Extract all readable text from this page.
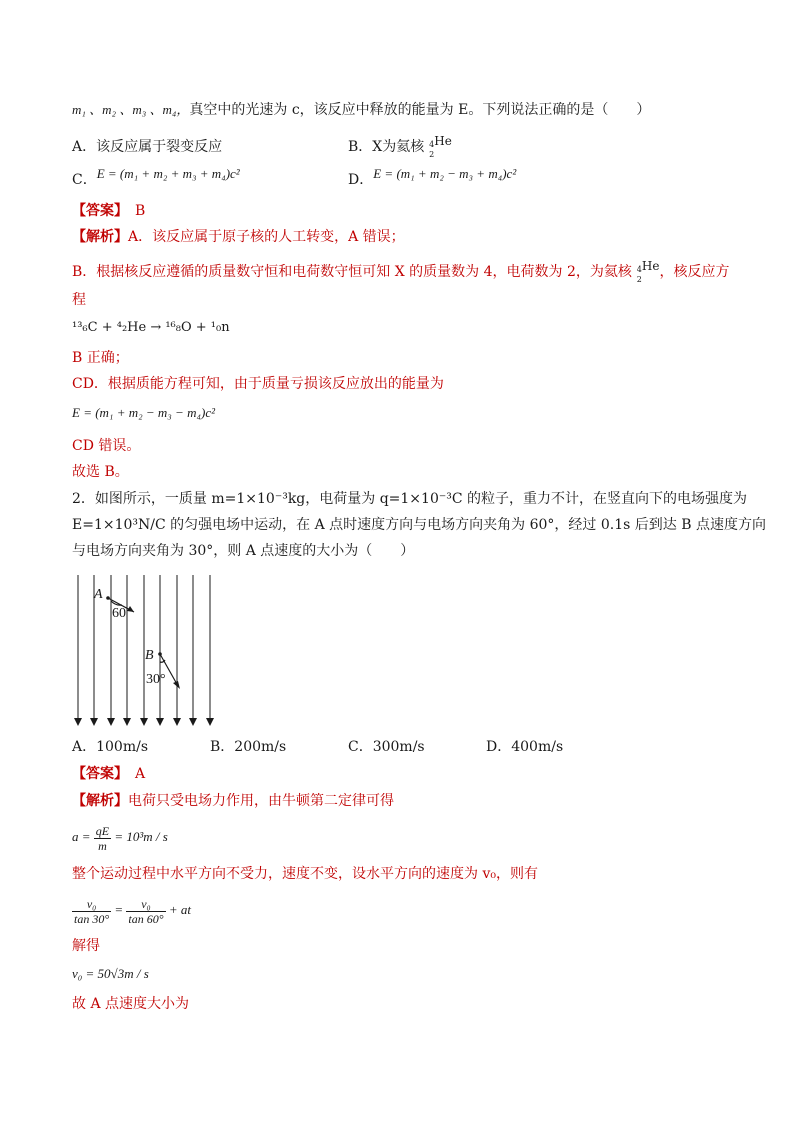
m₁ 、m₂ 、m₃ 、m₄，真空中的光速为 c，该反应中释放的能量为 E。下列说法正确的是（　　）
A．该反应属于裂变反应	B．X为氦核 4
2
He
C．E = (m₁ + m₂ + m₃ + m₄)c²	D．E = (m₁ + m₂ − m₃ + m₄)c²
【答案】　 B
【解析】A．该反应属于原子核的人工转变，A 错误；
B．根据核反应遵循的质量数守恒和电荷数守恒可知 X 的质量数为 4，电荷数为 2，为氦核 4
2
He，核反应方
程
¹³₆C + ⁴₂He → ¹⁶₈O + ¹₀n
B 正确；
CD．根据质能方程可知，由于质量亏损该反应放出的能量为
E = (m₁ + m₂ − m₃ − m₄)c²
CD 错误。
故选 B。
2．如图所示，一质量 m=1×10⁻³kg，电荷量为 q=1×10⁻³C 的粒子，重力不计，在竖直向下的电场强度为
E=1×10³N/C 的匀强电场中运动，在 A 点时速度方向与电场方向夹角为 60°，经过 0.1s 后到达 B 点速度方向
与电场方向夹角为 30°，则 A 点速度的大小为（　　）
A
60
B
30°
A．100m/s	B．200m/s	C．300m/s	D．400m/s
【答案】　 A
【解析】电荷只受电场力作用，由牛顿第二定律可得
$a = \frac{qE}{m} = 10^3m / s$
整个运动过程中水平方向不受力，速度不变，设水平方向的速度为 v₀，则有
$\frac{\text{v₀}}{\tan 30^\circ} = \frac{\text{v₀}}{\tan 60^\circ}$ + at
解得
v₀ = 50√3m / s
故 A 点速度大小为
